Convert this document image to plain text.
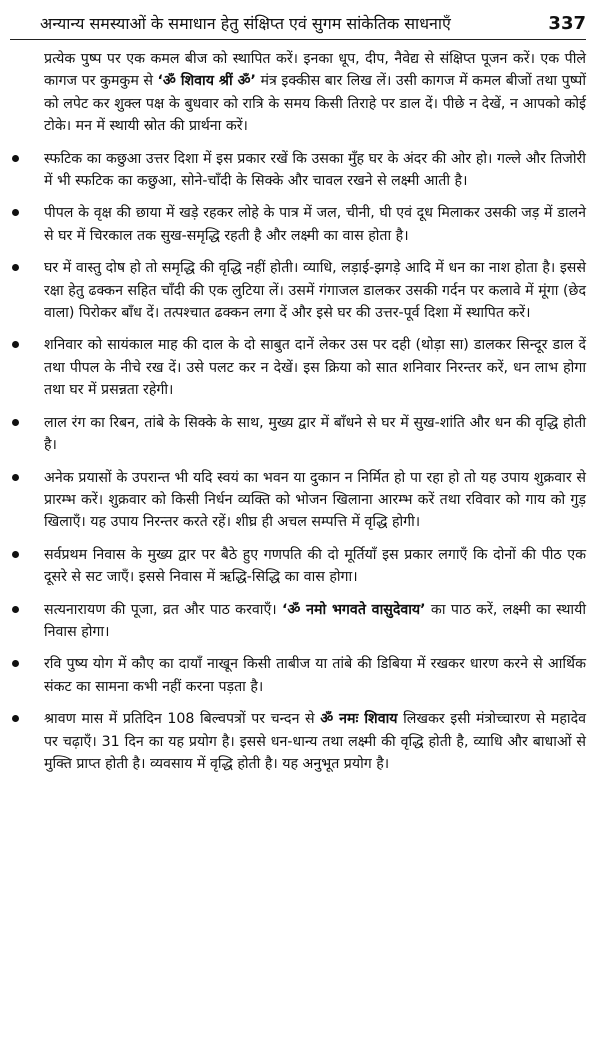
अन्यान्य समस्याओं के समाधान हेतु संक्षिप्त एवं सुगम सांकेतिक साधनाएँ	337

प्रत्येक पुष्प पर एक कमल बीज को स्थापित करें। इनका धूप, दीप, नैवेद्य से संक्षिप्त पूजन करें। एक पीले कागज पर कुमकुम से ‘ॐ शिवाय श्रीं ॐ’ मंत्र इक्कीस बार लिख लें। उसी कागज में कमल बीजों तथा पुष्पों को लपेट कर शुक्ल पक्ष के बुधवार को रात्रि के समय किसी तिराहे पर डाल दें। पीछे न देखें, न आपको कोई टोके। मन में स्थायी स्रोत की प्रार्थना करें।

स्फटिक का कछुआ उत्तर दिशा में इस प्रकार रखें कि उसका मुँह घर के अंदर की ओर हो। गल्ले और तिजोरी में भी स्फटिक का कछुआ, सोने-चाँदी के सिक्के और चावल रखने से लक्ष्मी आती है।

पीपल के वृक्ष की छाया में खड़े रहकर लोहे के पात्र में जल, चीनी, घी एवं दूध मिलाकर उसकी जड़ में डालने से घर में चिरकाल तक सुख-समृद्धि रहती है और लक्ष्मी का वास होता है।

घर में वास्तु दोष हो तो समृद्धि की वृद्धि नहीं होती। व्याधि, लड़ाई-झगड़े आदि में धन का नाश होता है। इससे रक्षा हेतु ढक्कन सहित चाँदी की एक लुटिया लें। उसमें गंगाजल डालकर उसकी गर्दन पर कलावे में मूंगा (छेद वाला) पिरोकर बाँध दें। तत्पश्चात ढक्कन लगा दें और इसे घर की उत्तर-पूर्व दिशा में स्थापित करें।

शनिवार को सायंकाल माह की दाल के दो साबुत दानें लेकर उस पर दही (थोड़ा सा) डालकर सिन्दूर डाल दें तथा पीपल के नीचे रख दें। उसे पलट कर न देखें। इस क्रिया को सात शनिवार निरन्तर करें, धन लाभ होगा तथा घर में प्रसन्नता रहेगी।

लाल रंग का रिबन, तांबे के सिक्के के साथ, मुख्य द्वार में बाँधने से घर में सुख-शांति और धन की वृद्धि होती है।

अनेक प्रयासों के उपरान्त भी यदि स्वयं का भवन या दुकान न निर्मित हो पा रहा हो तो यह उपाय शुक्रवार से प्रारम्भ करें। शुक्रवार को किसी निर्धन व्यक्ति को भोजन खिलाना आरम्भ करें तथा रविवार को गाय को गुड़ खिलाएँ। यह उपाय निरन्तर करते रहें। शीघ्र ही अचल सम्पत्ति में वृद्धि होगी।

सर्वप्रथम निवास के मुख्य द्वार पर बैठे हुए गणपति की दो मूर्तियाँ इस प्रकार लगाएँ कि दोनों की पीठ एक दूसरे से सट जाएँ। इससे निवास में ऋद्धि-सिद्धि का वास होगा।

सत्यनारायण की पूजा, व्रत और पाठ करवाएँ। ‘ॐ नमो भगवते वासुदेवाय’ का पाठ करें, लक्ष्मी का स्थायी निवास होगा।

रवि पुष्य योग में कौए का दायाँ नाखून किसी ताबीज या तांबे की डिबिया में रखकर धारण करने से आर्थिक संकट का सामना कभी नहीं करना पड़ता है।

श्रावण मास में प्रतिदिन 108 बिल्वपत्रों पर चन्दन से ॐ नमः शिवाय लिखकर इसी मंत्रोच्चारण से महादेव पर चढ़ाएँ। 31 दिन का यह प्रयोग है। इससे धन-धान्य तथा लक्ष्मी की वृद्धि होती है, व्याधि और बाधाओं से मुक्ति प्राप्त होती है। व्यवसाय में वृद्धि होती है। यह अनुभूत प्रयोग है।
